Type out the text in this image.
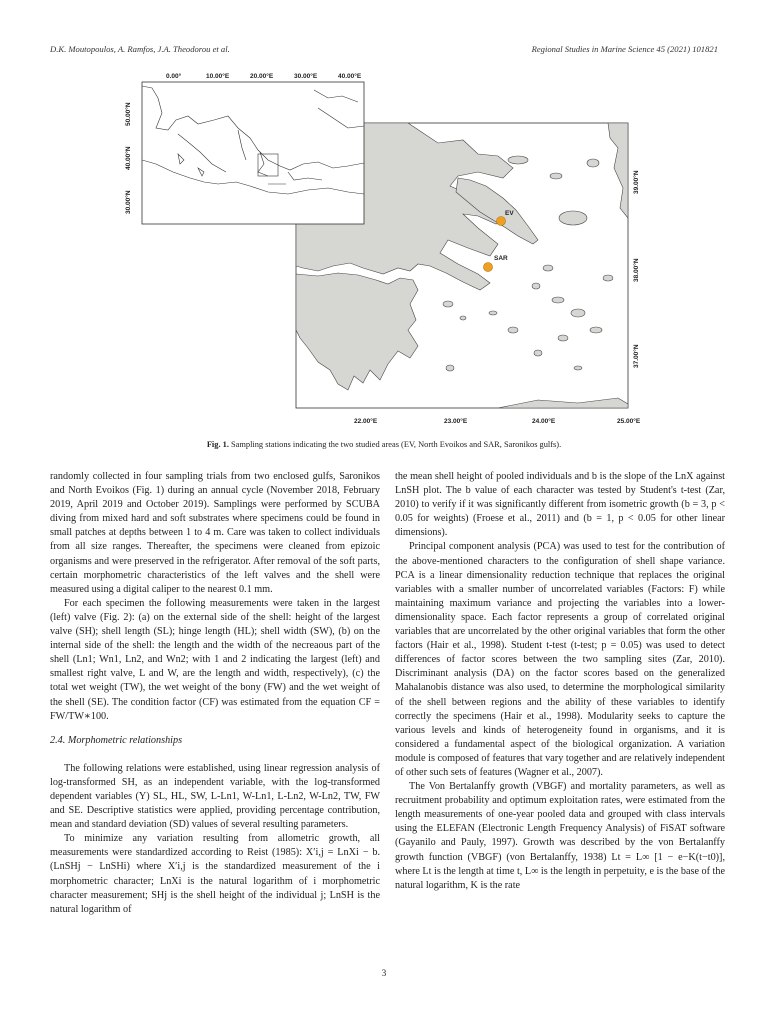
D.K. Moutopoulos, A. Ramfos, J.A. Theodorou et al.	Regional Studies in Marine Science 45 (2021) 101821
EV
SAR
22.00°E	23.00°E	24.00°E	25.00°E
39.00°N
38.00°N
37.00°N
0.00°	10.00°E	20.00°E	30.00°E	40.00°E
50.00°N
40.00°N
30.00°N
Fig. 1. Sampling stations indicating the two studied areas (EV, North Evoikos and SAR, Saronikos gulfs).

randomly collected in four sampling trials from two enclosed gulfs, Saronikos and North Evoikos (Fig. 1) during an annual cycle (November 2018, February 2019, April 2019 and October 2019). Samplings were performed by SCUBA diving from mixed hard and soft substrates where specimens could be found in small patches at depths between 1 to 4 m. Care was taken to collect individuals from all size ranges. Thereafter, the specimens were cleaned from epizoic organisms and were preserved in the refrigerator. After removal of the soft parts, certain morphometric characteristics of the left valves and the shell were measured using a digital caliper to the nearest 0.1 mm.

For each specimen the following measurements were taken in the largest (left) valve (Fig. 2): (a) on the external side of the shell: height of the largest valve (SH); shell length (SL); hinge length (HL); shell width (SW), (b) on the internal side of the shell: the length and the width of the necreaous part of the shell (Ln1; Wn1, Ln2, and Wn2; with 1 and 2 indicating the largest (left) and smallest right valve, L and W, are the length and width, respectively), (c) the total wet weight (TW), the wet weight of the bony (FW) and the wet weight of the shell (SE). The condition factor (CF) was estimated from the equation CF = FW/TW∗100.

2.4. Morphometric relationships

The following relations were established, using linear regression analysis of log-transformed SH, as an independent variable, with the log-transformed dependent variables (Y) SL, HL, SW, L-Ln1, W-Ln1, L-Ln2, W-Ln2, TW, FW and SE. Descriptive statistics were applied, providing percentage contribution, mean and standard deviation (SD) values of several resulting parameters.

To minimize any variation resulting from allometric growth, all measurements were standardized according to Reist (1985): X′i,j = LnXi − b.(LnSHj − LnSHi) where X′i,j is the standardized measurement of the i morphometric character; LnXi is the natural logarithm of i morphometric character measurement; SHj is the shell height of the individual j; LnSH is the natural logarithm of

the mean shell height of pooled individuals and b is the slope of the LnX against LnSH plot. The b value of each character was tested by Student's t-test (Zar, 2010) to verify if it was significantly different from isometric growth (b = 3, p < 0.05 for weights) (Froese et al., 2011) and (b = 1, p < 0.05 for other linear dimensions).

Principal component analysis (PCA) was used to test for the contribution of the above-mentioned characters to the configuration of shell shape variance. PCA is a linear dimensionality reduction technique that replaces the original variables with a smaller number of uncorrelated variables (Factors: F) while maintaining maximum variance and projecting the variables into a lower-dimensionality space. Each factor represents a group of correlated original variables that are uncorrelated by the other original variables that form the other factors (Hair et al., 1998). Student t-test (t-test; p = 0.05) was used to detect differences of factor scores between the two sampling sites (Zar, 2010). Discriminant analysis (DA) on the factor scores based on the generalized Mahalanobis distance was also used, to determine the morphological similarity of the shell between regions and the ability of these variables to identify correctly the specimens (Hair et al., 1998). Modularity seeks to capture the various levels and kinds of heterogeneity found in organisms, and it is considered a fundamental aspect of the biological organization. A variation module is composed of features that vary together and are relatively independent of other such sets of features (Wagner et al., 2007).

The Von Bertalanffy growth (VBGF) and mortality parameters, as well as recruitment probability and optimum exploitation rates, were estimated from the length measurements of one-year pooled data and grouped with class intervals using the ELEFAN (Electronic Length Frequency Analysis) of FiSAT software (Gayanilo and Pauly, 1997). Growth was described by the von Bertalanffy growth function (VBGF) (von Bertalanffy, 1938) Lt = L∞ [1 − e−K(t−t0)], where Lt is the length at time t, L∞ is the length in perpetuity, e is the base of the natural logarithm, K is the rate

3
